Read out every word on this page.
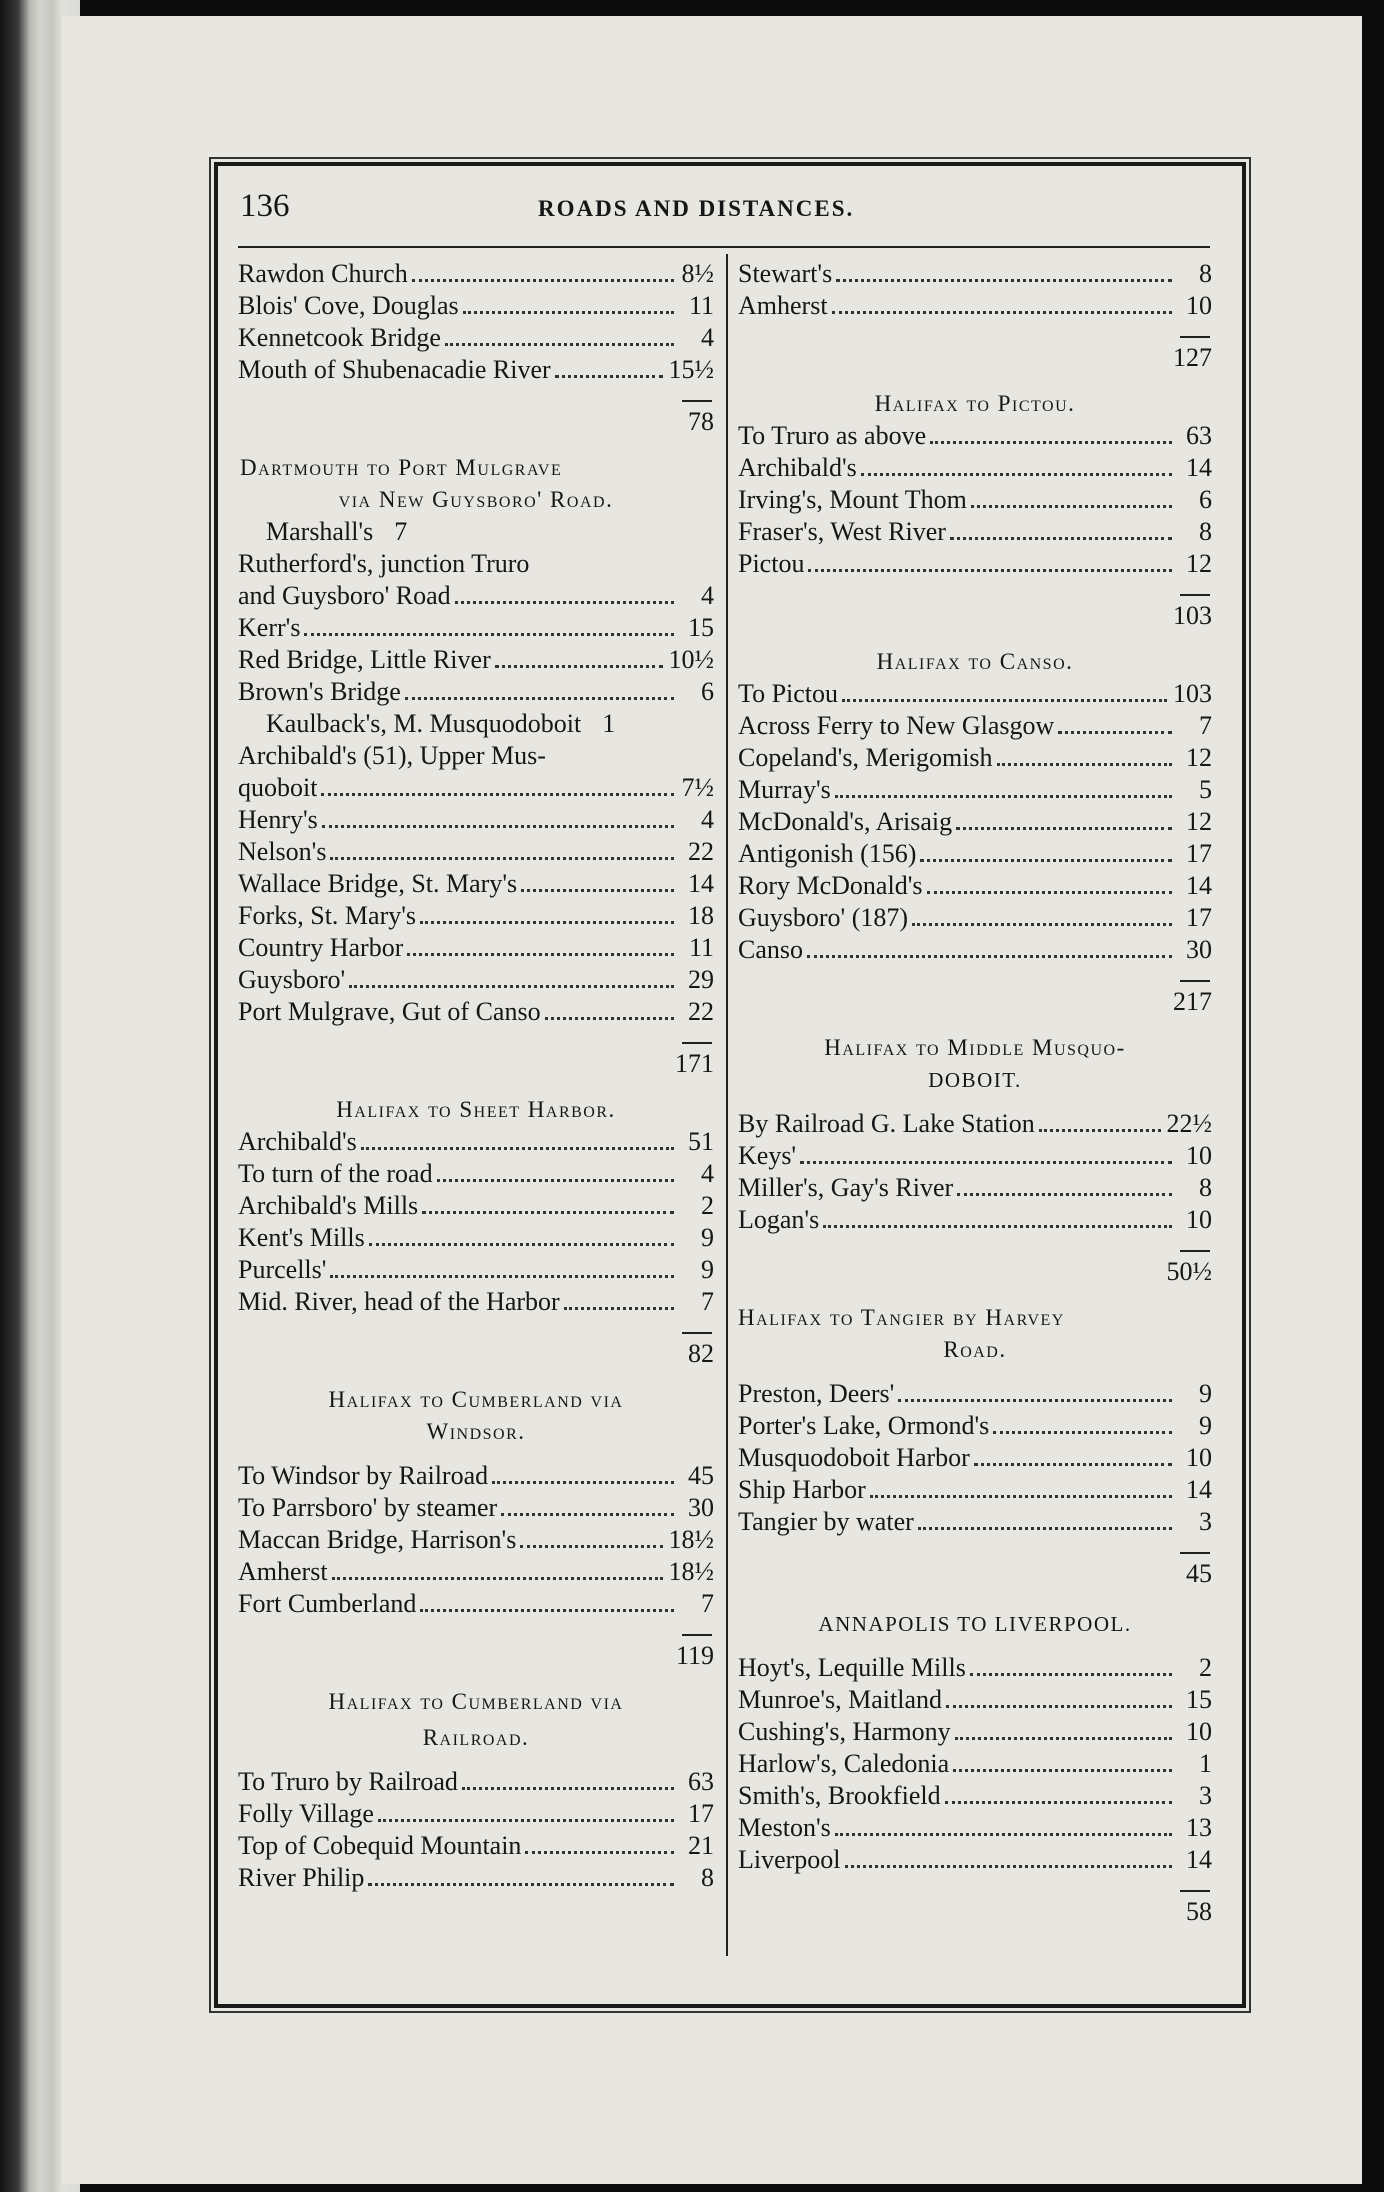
136	ROADS AND DISTANCES.
Rawdon Church	8½
Blois' Cove, Douglas	11
Kennetcook Bridge	4
Mouth of Shubenacadie River	15½
78
Dartmouth to Port Mulgrave
via New Guysboro' Road.
Marshall's 7
Rutherford's, junction Truro
and Guysboro' Road	4
Kerr's	15
Red Bridge, Little River	10½
Brown's Bridge	6
Kaulback's, M. Musquodoboit 1
Archibald's (51), Upper Mus-
quoboit	7½
Henry's	4
Nelson's	22
Wallace Bridge, St. Mary's	14
Forks, St. Mary's	18
Country Harbor	11
Guysboro'	29
Port Mulgrave, Gut of Canso	22
171
Halifax to Sheet Harbor.
Archibald's	51
To turn of the road	4
Archibald's Mills	2
Kent's Mills	9
Purcells'	9
Mid. River, head of the Harbor	7
82
Halifax to Cumberland via
Windsor.
To Windsor by Railroad	45
To Parrsboro' by steamer	30
Maccan Bridge, Harrison's	18½
Amherst	18½
Fort Cumberland	7
119
Halifax to Cumberland via
Railroad.
To Truro by Railroad	63
Folly Village	17
Top of Cobequid Mountain	21
River Philip	8
Stewart's	8
Amherst	10
127
Halifax to Pictou.
To Truro as above	63
Archibald's	14
Irving's, Mount Thom	6
Fraser's, West River	8
Pictou	12
103
Halifax to Canso.
To Pictou	103
Across Ferry to New Glasgow	7
Copeland's, Merigomish	12
Murray's	5
McDonald's, Arisaig	12
Antigonish (156)	17
Rory McDonald's	14
Guysboro' (187)	17
Canso	30
217
Halifax to Middle Musquo-
DOBOIT.
By Railroad G. Lake Station	22½
Keys'	10
Miller's, Gay's River	8
Logan's	10
50½
Halifax to Tangier by Harvey
Road.
Preston, Deers'	9
Porter's Lake, Ormond's	9
Musquodoboit Harbor	10
Ship Harbor	14
Tangier by water	3
45
ANNAPOLIS TO LIVERPOOL.
Hoyt's, Lequille Mills	2
Munroe's, Maitland	15
Cushing's, Harmony	10
Harlow's, Caledonia	1
Smith's, Brookfield	3
Meston's	13
Liverpool	14
58
